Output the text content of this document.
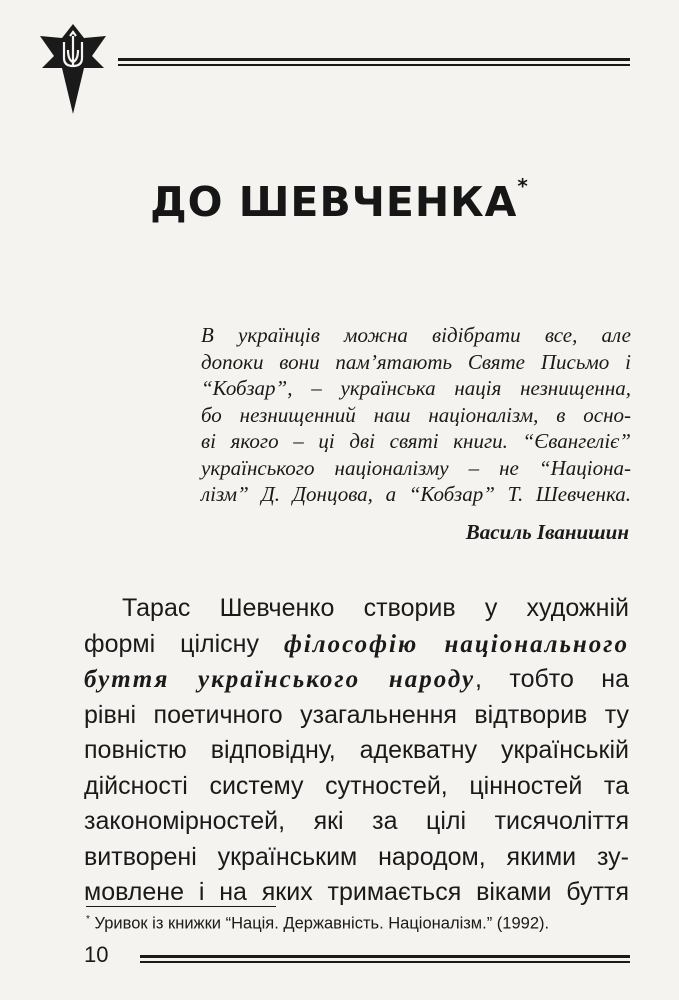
ДО ШЕВЧЕНКА*
В українців можна відібрати все, але
допоки вони пам’ятають Святе Письмо і
“Кобзар”, – українська нація незнищенна,
бо незнищенний наш націоналізм, в осно-
ві якого – ці дві святі книги. “Євангеліє”
українського націоналізму – не “Націона-
лізм” Д. Донцова, а “Кобзар” Т. Шевченка.
Василь Іванишин
Тарас Шевченко створив у художній
формі цілісну філософію національного
буття українського народу, тобто на
рівні поетичного узагальнення відтворив ту
повністю відповідну, адекватну українській
дійсності систему сутностей, цінностей та
закономірностей, які за цілі тисячоліття
витворені українським народом, якими зу-
мовлене і на яких тримається віками буття
* Уривок із книжки “Нація. Державність. Націоналізм.” (1992).
10
